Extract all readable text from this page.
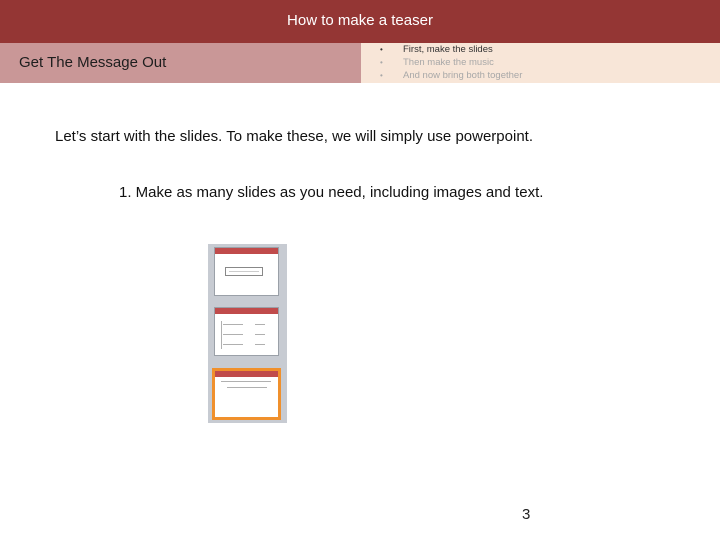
How to make a teaser
Get The Message Out
• First, make the slides
• Then make the music
• And now bring both together
Let’s start with the slides. To make these, we will simply use powerpoint.
1. Make as many slides as you need, including images and text.
3
